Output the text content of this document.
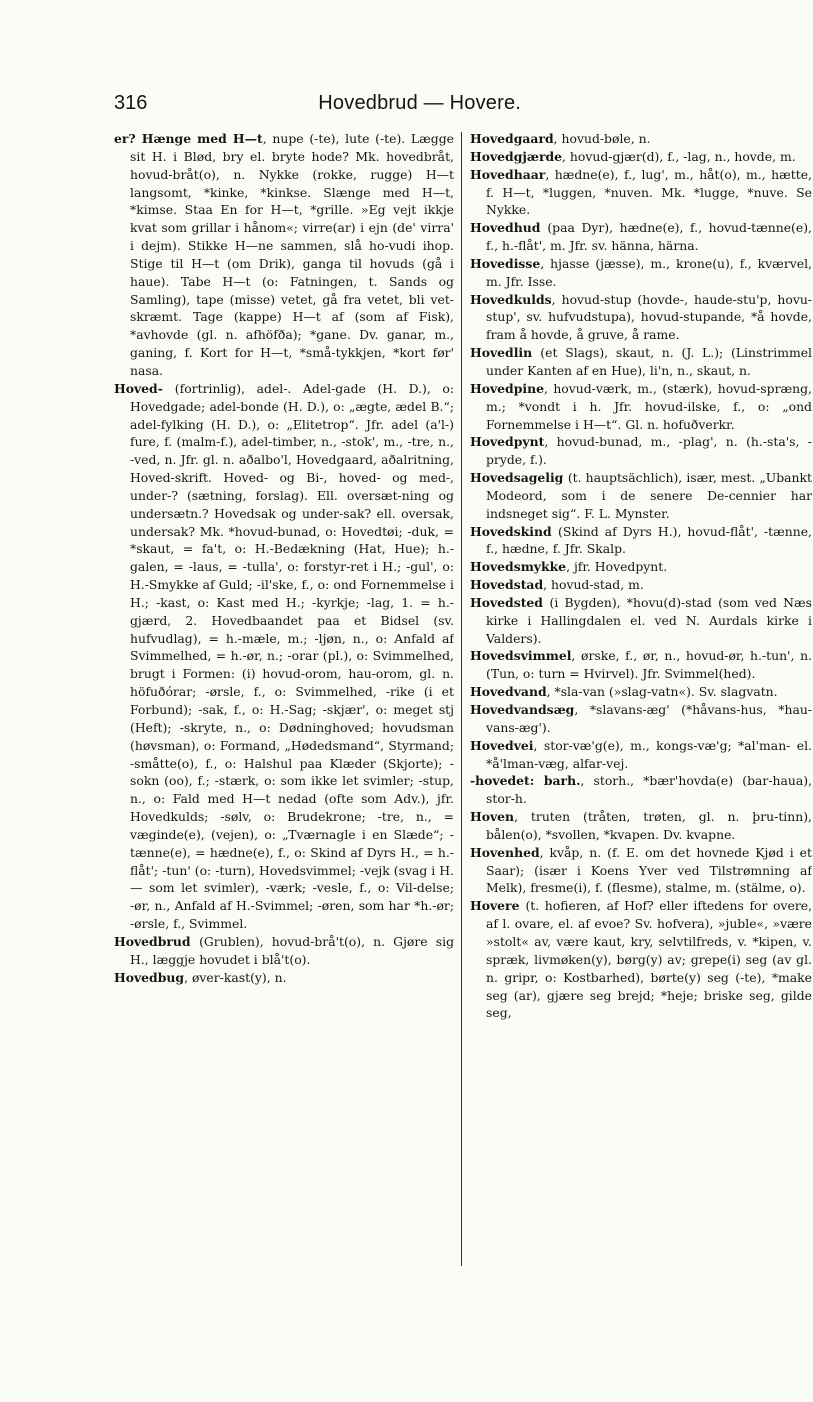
316	Hovedbrud — Hovere.

er? Hænge med H—t, nupe (-te), lute (-te). Lægge sit H. i Blød, bry el. bryte hode? Mk. hovedbråt, hovud-bråt(o), n. Nykke (rokke, rugge) H—t langsomt, *kinke, *kinkse. Slænge med H—t, *kimse. Staa En for H—t, *grille. »Eg vejt ikkje kvat som grillar i hånom«; virre(ar) i ejn (de' virra' i dejm). Stikke H—ne sammen, slå ho-vudi ihop. Stige til H—t (om Drik), ganga til hovuds (gå i haue). Tabe H—t (o: Fatningen, t. Sands og Samling), tape (misse) vetet, gå fra vetet, bli vet-skræmt. Tage (kappe) H—t af (som af Fisk), *avhovde (gl. n. afhöfða); *gane. Dv. ganar, m., ganing, f. Kort for H—t, *små-tykkjen, *kort før' nasa.

Hoved- (fortrinlig), adel-. Adel-gade (H. D.), o: Hovedgade; adel-bonde (H. D.), o: „ægte, ædel B.“; adel-fylking (H. D.), o: „Elitetrop“. Jfr. adel (a'l-) fure, f. (malm-f.), adel-timber, n., -stok', m., -tre, n., -ved, n. Jfr. gl. n. aðalbo'l, Hovedgaard, aðalritning, Hoved-skrift. Hoved- og Bi-, hoved- og med-, under-? (sætning, forslag). Ell. oversæt-ning og undersætn.? Hovedsak og under-sak? ell. oversak, undersak? Mk. *hovud-bunad, o: Hovedtøi; -duk, = *skaut, = fa't, o: H.-Bedækning (Hat, Hue); h.-galen, = -laus, = -tulla', o: forstyr-ret i H.; -gul', o: H.-Smykke af Guld; -il'ske, f., o: ond Fornemmelse i H.; -kast, o: Kast med H.; -kyrkje; -lag, 1. = h.-gjærd, 2. Hovedbaandet paa et Bidsel (sv. hufvudlag), = h.-mæle, m.; -ljøn, n., o: Anfald af Svimmelhed, = h.-ør, n.; -orar (pl.), o: Svimmelhed, brugt i Formen: (i) hovud-orom, hau-orom, gl. n. höfuðórar; -ørsle, f., o: Svimmelhed, -rike (i et Forbund); -sak, f., o: H.-Sag; -skjær', o: meget stj (Heft); -skryte, n., o: Dødninghoved; hovudsman (høvsman), o: Formand, „Hødedsmand“, Styrmand; -småtte(o), f., o: Halshul paa Klæder (Skjorte); -sokn (oo), f.; -stærk, o: som ikke let svimler; -stup, n., o: Fald med H—t nedad (ofte som Adv.), jfr. Hovedkulds; -sølv, o: Brudekrone; -tre, n., = væginde(e), (vejen), o: „Tværnagle i en Slæde“; -tænne(e), = hædne(e), f., o: Skind af Dyrs H., = h.-flåt'; -tun' (o: -turn), Hovedsvimmel; -vejk (svag i H. — som let svimler), -værk; -vesle, f., o: Vil-delse; -ør, n., Anfald af H.-Svimmel; -øren, som har *h.-ør; -ørsle, f., Svimmel.

Hovedbrud (Grublen), hovud-brå't(o), n. Gjøre sig H., læggje hovudet i blå't(o).

Hovedbug, øver-kast(y), n.

Hovedgaard, hovud-bøle, n.

Hovedgjærde, hovud-gjær(d), f., -lag, n., hovde, m.

Hovedhaar, hædne(e), f., lug', m., håt(o), m., hætte, f. H—t, *luggen, *nuven. Mk. *lugge, *nuve. Se Nykke.

Hovedhud (paa Dyr), hædne(e), f., hovud-tænne(e), f., h.-flåt', m. Jfr. sv. hänna, härna.

Hovedisse, hjasse (jæsse), m., krone(u), f., kværvel, m. Jfr. Isse.

Hovedkulds, hovud-stup (hovde-, haude-stu'p, hovu-stup', sv. hufvudstupa), hovud-stupande, *å hovde, fram å hovde, å gruve, å rame.

Hovedlin (et Slags), skaut, n. (J. L.); (Linstrimmel under Kanten af en Hue), li'n, n., skaut, n.

Hovedpine, hovud-værk, m., (stærk), hovud-spræng, m.; *vondt i h. Jfr. hovud-ilske, f., o: „ond Fornemmelse i H—t“. Gl. n. hofuðverkr.

Hovedpynt, hovud-bunad, m., -plag', n. (h.-sta's, -pryde, f.).

Hovedsagelig (t. hauptsächlich), især, mest. „Ubankt Modeord, som i de senere De-cennier har indsneget sig“. F. L. Mynster.

Hovedskind (Skind af Dyrs H.), hovud-flåt', -tænne, f., hædne, f. Jfr. Skalp.

Hovedsmykke, jfr. Hovedpynt.

Hovedstad, hovud-stad, m.

Hovedsted (i Bygden), *hovu(d)-stad (som ved Næs kirke i Hallingdalen el. ved N. Aurdals kirke i Valders).

Hovedsvimmel, ørske, f., ør, n., hovud-ør, h.-tun', n. (Tun, o: turn = Hvirvel). Jfr. Svimmel(hed).

Hovedvand, *sla-van (»slag-vatn«). Sv. slagvatn.

Hovedvandsæg, *slavans-æg' (*håvans-hus, *hau-vans-æg').

Hovedvei, stor-væ'g(e), m., kongs-væ'g; *al'man- el. *å'lman-væg, alfar-vej.

-hovedet: barh., storh., *bær'hovda(e) (bar-haua), stor-h.

Hoven, truten (tråten, trøten, gl. n. þru-tinn), bålen(o), *svollen, *kvapen. Dv. kvapne.

Hovenhed, kvåp, n. (f. E. om det hovnede Kjød i et Saar); (især i Koens Yver ved Tilstrømning af Melk), fresme(i), f. (flesme), stalme, m. (stälme, o).

Hovere (t. hofieren, af Hof? eller iftedens for overe, af l. ovare, el. af evoe? Sv. hofvera), »juble«, »være »stolt« av, være kaut, kry, selvtilfreds, v. *kipen, v. spræk, livmøken(y), børg(y) av; grepe(i) seg (av gl. n. gripr, o: Kostbarhed), børte(y) seg (-te), *make seg (ar), gjære seg brejd; *heje; briske seg, gilde seg,
